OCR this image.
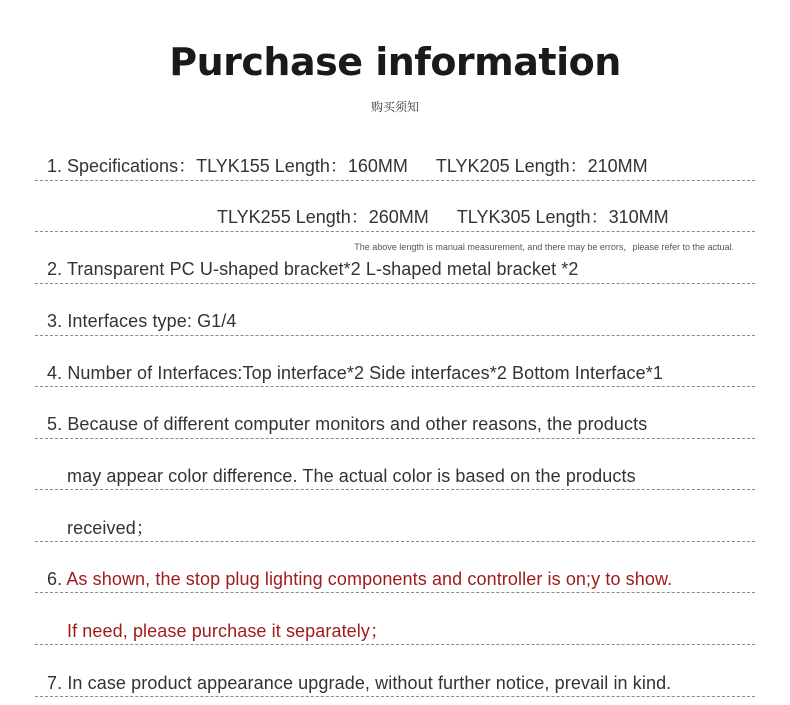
Purchase information
购买须知
1. Specifications：TLYK155 Length：160MM TLYK205 Length：210MM
TLYK255 Length：260MM TLYK305 Length：310MM
The above length is manual measurement, and there may be errors，please refer to the actual.
2. Transparent PC U-shaped bracket*2 L-shaped metal bracket *2
3. Interfaces type: G1/4
4. Number of Interfaces:Top interface*2 Side interfaces*2 Bottom Interface*1
5. Because of different computer monitors and other reasons, the products
may appear color difference. The actual color is based on the products
received；
6. As shown, the stop plug lighting components and controller is on;y to show.
If need, please purchase it separately；
7. In case product appearance upgrade, without further notice, prevail in kind.
